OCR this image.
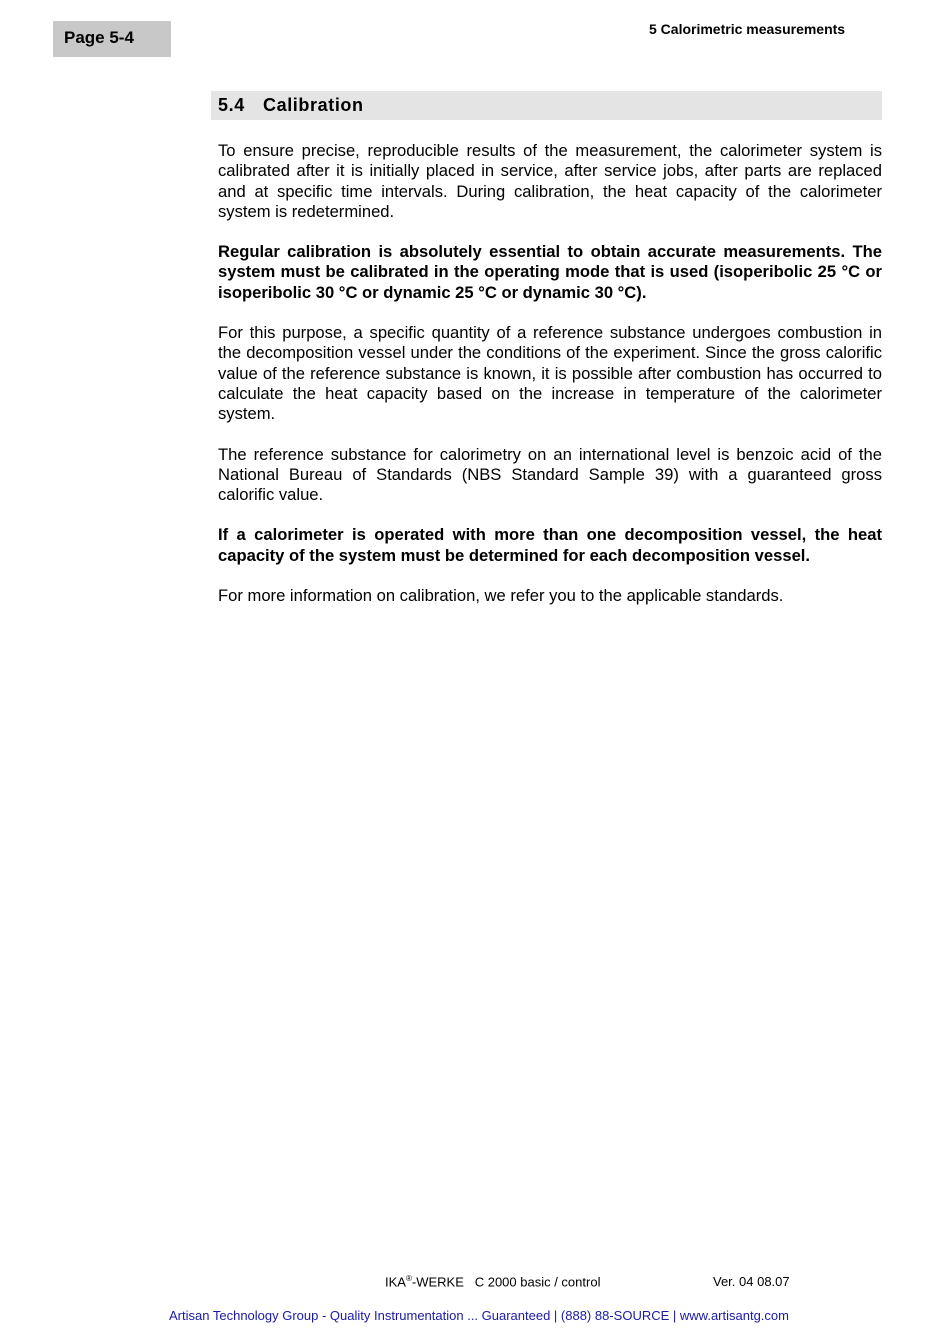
Page 5-4	5 Calorimetric measurements
5.4 Calibration

To ensure precise, reproducible results of the measurement, the calorimeter system is calibrated after it is initially placed in service, after service jobs, after parts are replaced and at specific time intervals. During calibration, the heat capacity of the calorimeter system is redetermined.

Regular calibration is absolutely essential to obtain accurate measurements. The system must be calibrated in the operating mode that is used (isoperibolic 25 °C or isoperibolic 30 °C or dynamic 25 °C or dynamic 30 °C).

For this purpose, a specific quantity of a reference substance undergoes combustion in the decomposition vessel under the conditions of the experiment. Since the gross calorific value of the reference substance is known, it is possible after combustion has occurred to calculate the heat capacity based on the increase in temperature of the calorimeter system.

The reference substance for calorimetry on an international level is benzoic acid of the National Bureau of Standards (NBS Standard Sample 39) with a guaranteed gross calorific value.

If a calorimeter is operated with more than one decomposition vessel, the heat capacity of the system must be determined for each decomposition vessel.

For more information on calibration, we refer you to the applicable standards.

IKA®-WERKE C 2000 basic / control	Ver. 04 08.07
Artisan Technology Group - Quality Instrumentation ... Guaranteed | (888) 88-SOURCE | www.artisantg.com
